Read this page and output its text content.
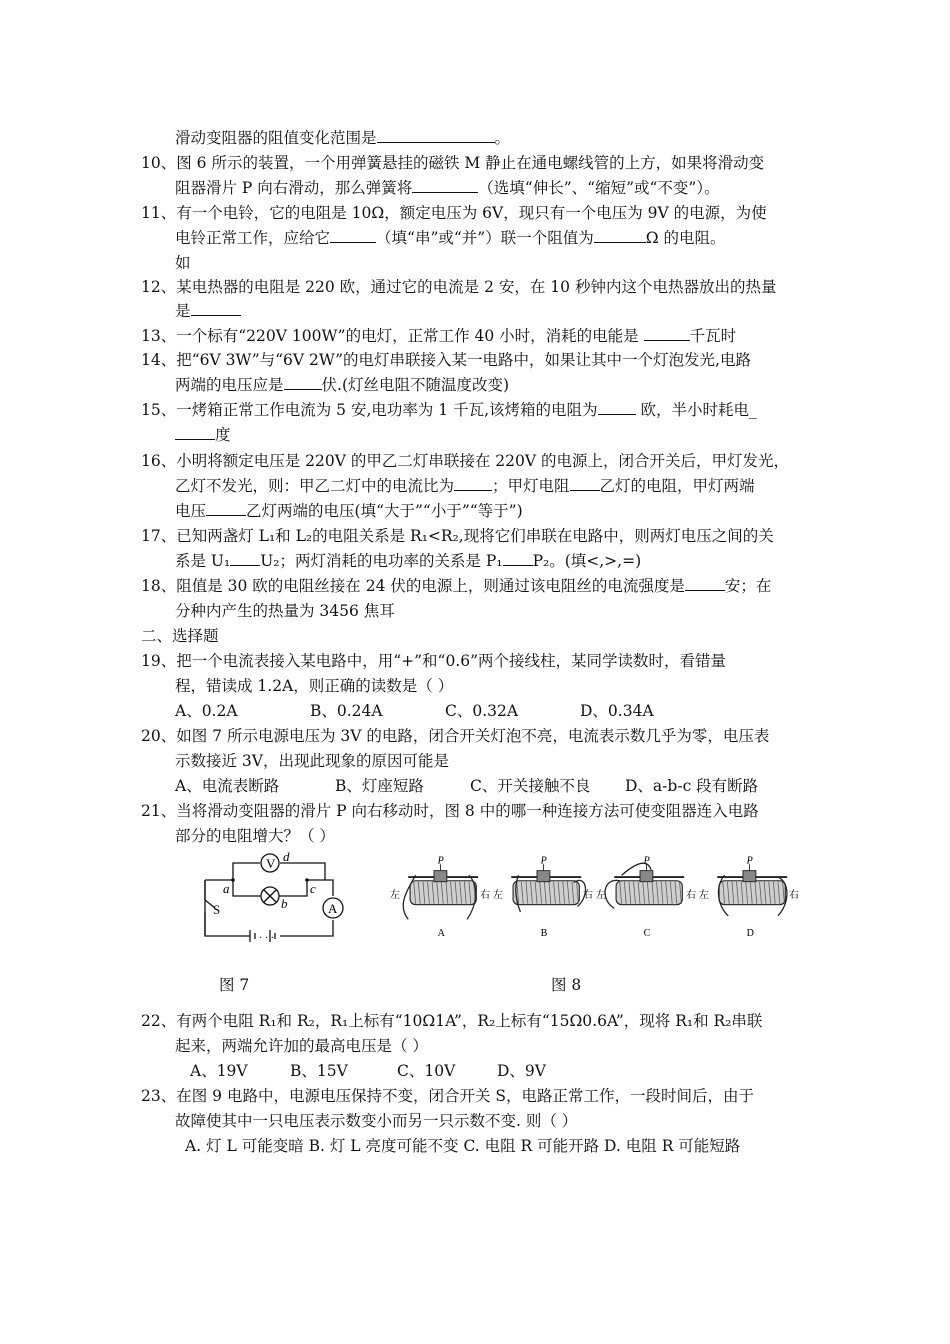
滑动变阻器的阻值变化范围是	。
10、图 6 所示的装置，一个用弹簧悬挂的磁铁 M 静止在通电螺线管的上方，如果将滑动变
阻器滑片 P 向右滑动，那么弹簧将	（选填“伸长”、“缩短”或“不变”）。
11、有一个电铃，它的电阻是 10Ω，额定电压为 6V，现只有一个电压为 9V 的电源，为使
电铃正常工作，应给它	（填“串”或“并”）联一个阻值为	Ω 的电阻。
如
12、某电热器的电阻是 220 欧，通过它的电流是 2 安，在 10 秒钟内这个电热器放出的热量
是
13、一个标有“220V 100W”的电灯，正常工作 40 小时，消耗的电能是	千瓦时
14、把“6V 3W”与“6V 2W”的电灯串联接入某一电路中，如果让其中一个灯泡发光,电路
两端的电压应是 伏.(灯丝电阻不随温度改变)
15、一烤箱正常工作电流为 5 安,电功率为 1 千瓦,该烤箱的电阻为 欧，半小时耗电_
度
16、小明将额定电压是 220V 的甲乙二灯串联接在 220V 的电源上，闭合开关后，甲灯发光，
乙灯不发光，则：甲乙二灯中的电流比为 ；甲灯电阻 乙灯的电阻，甲灯两端
电压	乙灯两端的电压(填“大于”“小于”“等于”)
17、已知两盏灯 L₁和 L₂的电阻关系是 R₁<R₂,现将它们串联在电路中，则两灯电压之间的关
系是 U₁ U₂；两灯消耗的电功率的关系是 P₁ P₂。(填<,>,=)
18、阻值是 30 欧的电阻丝接在 24 伏的电源上，则通过该电阻丝的电流强度是	安；在
分种内产生的热量为 3456 焦耳
二、选择题
19、把一个电流表接入某电路中，用“+”和“0.6”两个接线柱，某同学读数时，看错量
程，错读成 1.2A，则正确的读数是（ ）
A、0.2A	B、0.24A	C、0.32A	D、0.34A
20、如图 7 所示电源电压为 3V 的电路，闭合开关灯泡不亮，电流表示数几乎为零，电压表
示数接近 3V，出现此现象的原因可能是
A、电流表断路	B、灯座短路	C、开关接触不良 D、a-b-c 段有断路
21、当将滑动变阻器的滑片 P 向右移动时，图 8 中的哪一种连接方法可使变阻器连入电路
部分的电阻增大？（ ）
V
A
d
a
b
c
S
· · ·
P
左	右
A
P
左	右
B
P
左	右
C
P
左	右
D
图 7	图 8
22、有两个电阻 R₁和 R₂，R₁上标有“10Ω1A”，R₂上标有“15Ω0.6A”，现将 R₁和 R₂串联
起来，两端允许加的最高电压是（ ）
A、19V	B、15V	C、10V	D、9V
23、在图 9 电路中，电源电压保持不变，闭合开关 S，电路正常工作，一段时间后，由于
故障使其中一只电压表示数变小而另一只示数不变. 则（ ）
A. 灯 L 可能变暗 B. 灯 L 亮度可能不变 C. 电阻 R 可能开路 D. 电阻 R 可能短路
